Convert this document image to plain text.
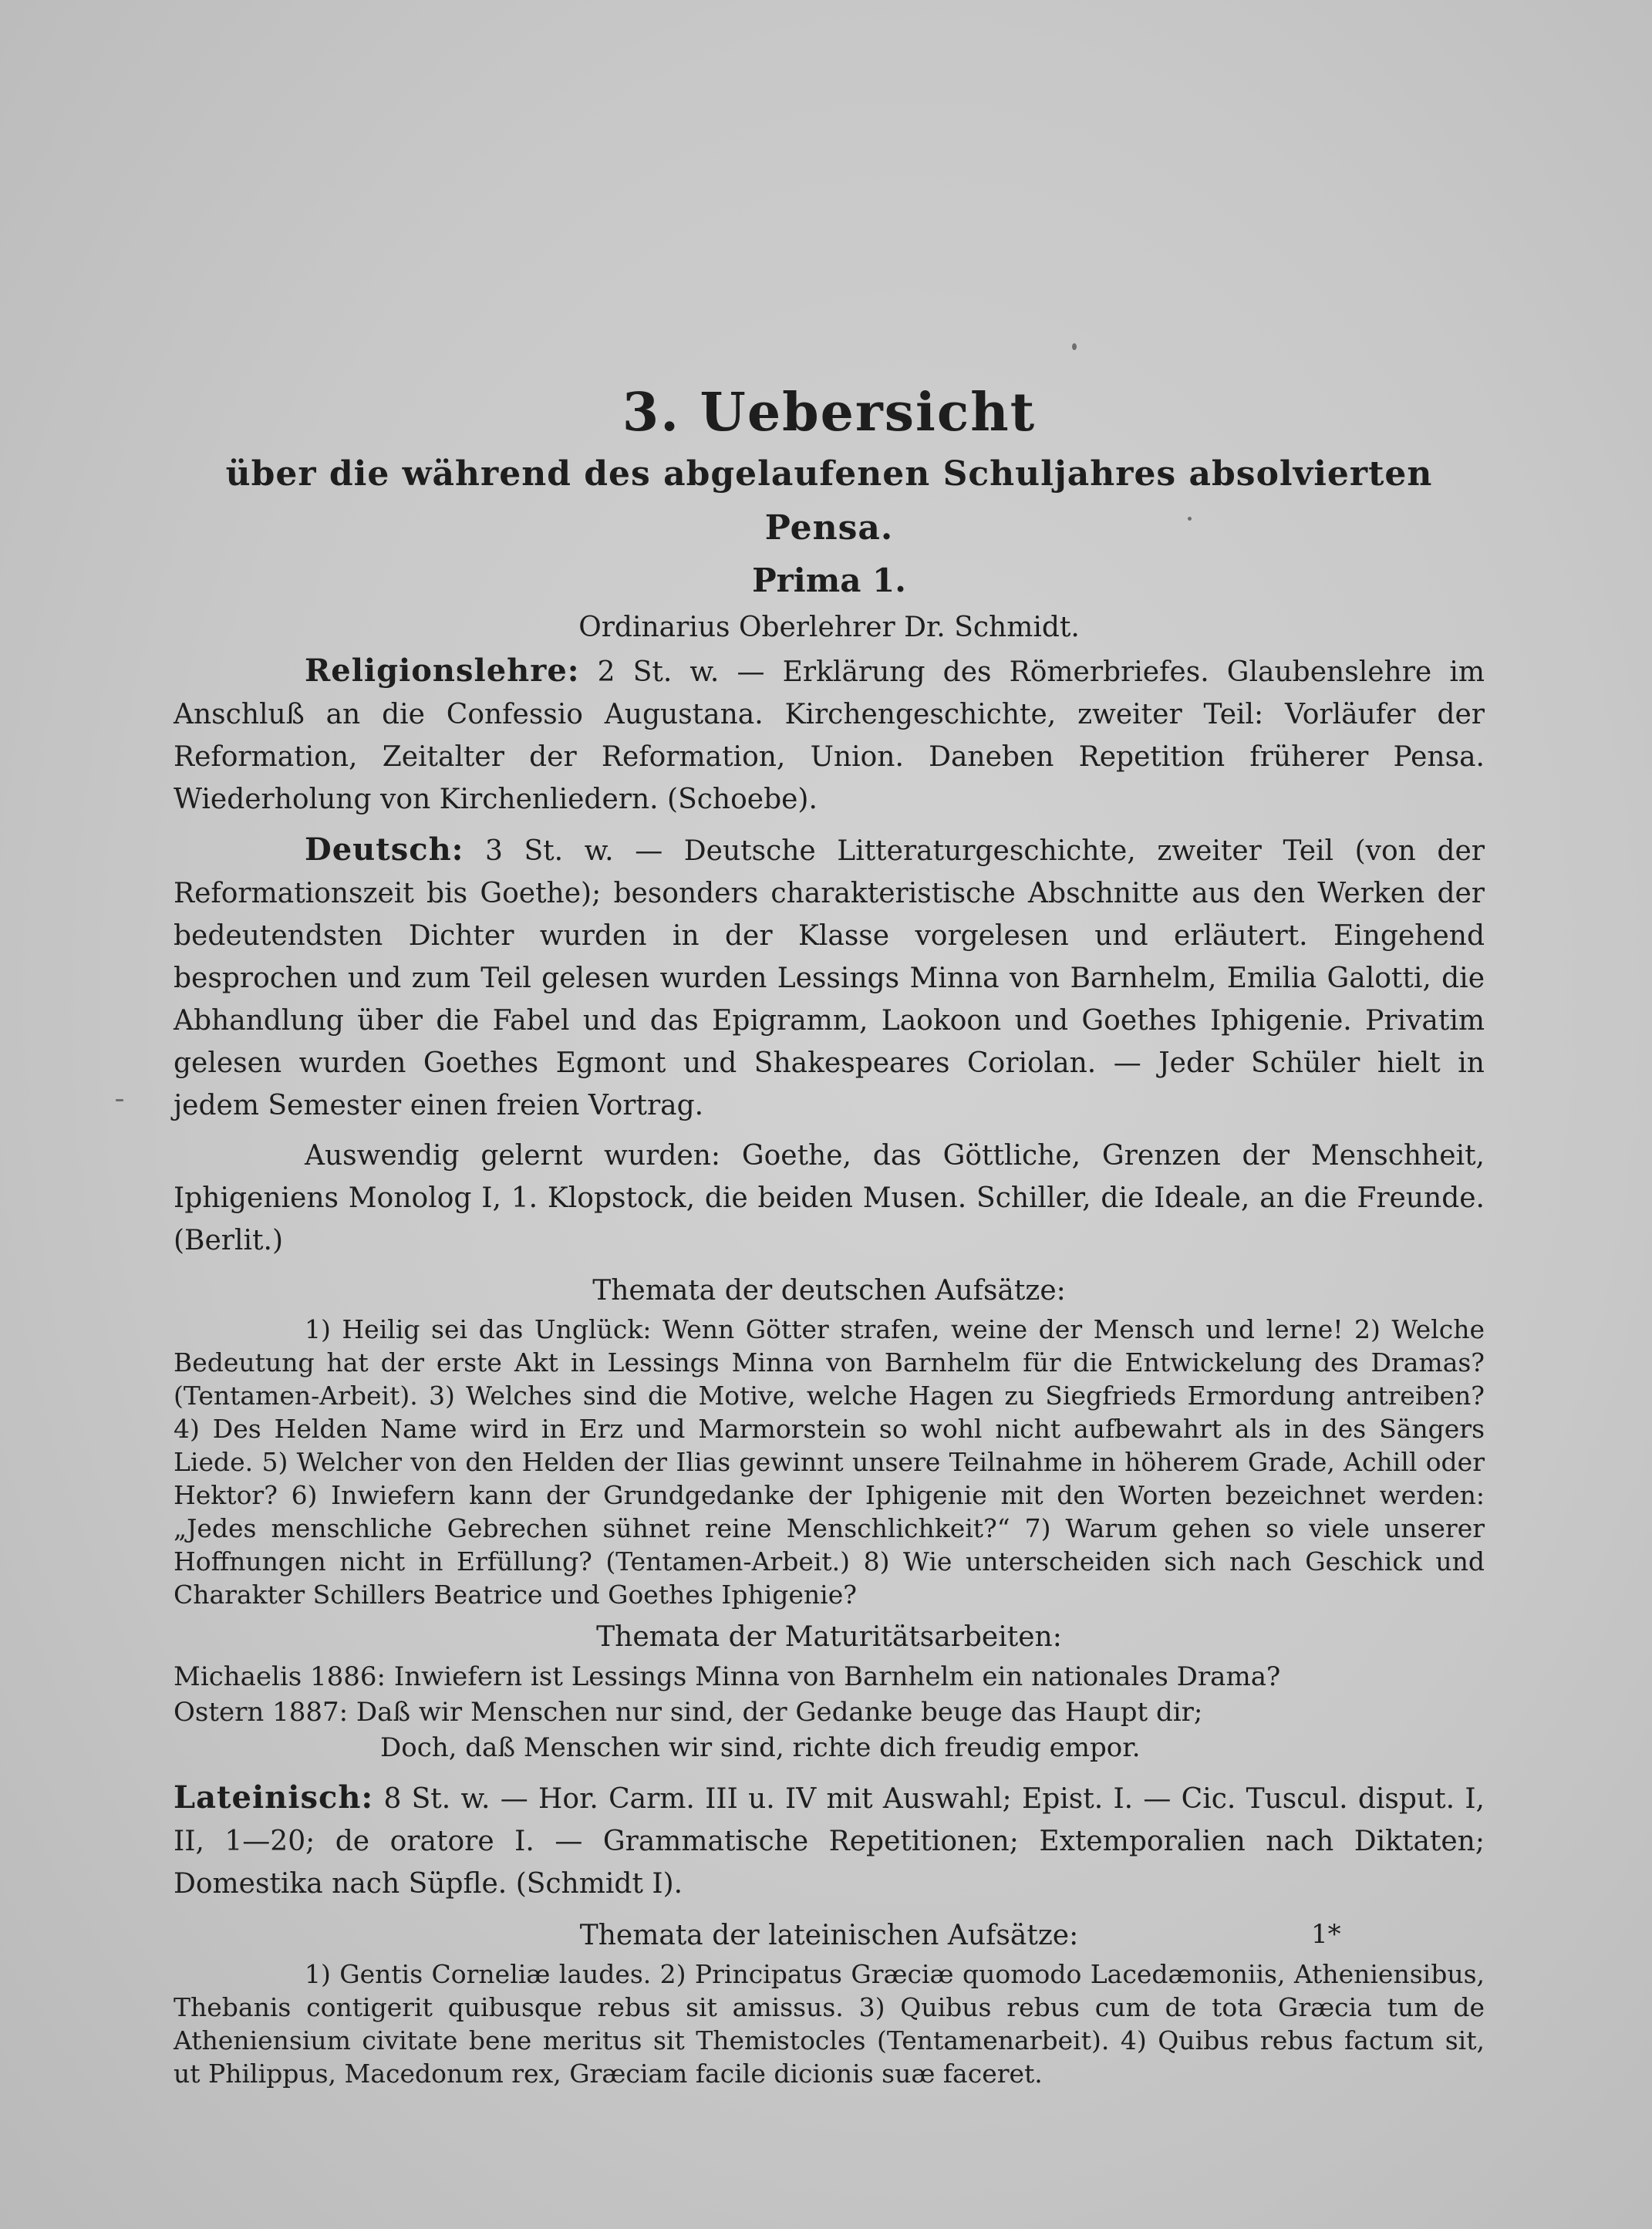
3. Uebersicht
über die während des abgelaufenen Schuljahres absolvierten Pensa.
Prima 1.
Ordinarius Oberlehrer Dr. Schmidt.

Religionslehre: 2 St. w. — Erklärung des Römerbriefes. Glaubenslehre im Anschluß an die Confessio Augustana. Kirchengeschichte, zweiter Teil: Vorläufer der Reformation, Zeitalter der Reformation, Union. Daneben Repetition früherer Pensa. Wiederholung von Kirchenliedern. (Schoebe).

Deutsch: 3 St. w. — Deutsche Litteraturgeschichte, zweiter Teil (von der Reformationszeit bis Goethe); besonders charakteristische Abschnitte aus den Werken der bedeutendsten Dichter wurden in der Klasse vorgelesen und erläutert. Eingehend besprochen und zum Teil gelesen wurden Lessings Minna von Barnhelm, Emilia Galotti, die Abhandlung über die Fabel und das Epigramm, Laokoon und Goethes Iphigenie. Privatim gelesen wurden Goethes Egmont und Shakespeares Coriolan. — Jeder Schüler hielt in jedem Semester einen freien Vortrag.

Auswendig gelernt wurden: Goethe, das Göttliche, Grenzen der Menschheit, Iphigeniens Monolog I, 1. Klopstock, die beiden Musen. Schiller, die Ideale, an die Freunde. (Berlit.)

Themata der deutschen Aufsätze:

1) Heilig sei das Unglück: Wenn Götter strafen, weine der Mensch und lerne! 2) Welche Bedeutung hat der erste Akt in Lessings Minna von Barnhelm für die Entwickelung des Dramas? (Tentamen-Arbeit). 3) Welches sind die Motive, welche Hagen zu Siegfrieds Ermordung antreiben? 4) Des Helden Name wird in Erz und Marmorstein so wohl nicht aufbewahrt als in des Sängers Liede. 5) Welcher von den Helden der Ilias gewinnt unsere Teilnahme in höherem Grade, Achill oder Hektor? 6) Inwiefern kann der Grundgedanke der Iphigenie mit den Worten bezeichnet werden: „Jedes menschliche Gebrechen sühnet reine Menschlichkeit?“ 7) Warum gehen so viele unserer Hoffnungen nicht in Erfüllung? (Tentamen-Arbeit.) 8) Wie unterscheiden sich nach Geschick und Charakter Schillers Beatrice und Goethes Iphigenie?

Themata der Maturitätsarbeiten:
Michaelis 1886: Inwiefern ist Lessings Minna von Barnhelm ein nationales Drama?
Ostern 1887: Daß wir Menschen nur sind, der Gedanke beuge das Haupt dir;
Doch, daß Menschen wir sind, richte dich freudig empor.

Lateinisch: 8 St. w. — Hor. Carm. III u. IV mit Auswahl; Epist. I. — Cic. Tuscul. disput. I, II, 1—20; de oratore I. — Grammatische Repetitionen; Extemporalien nach Diktaten; Domestika nach Süpfle. (Schmidt I).

Themata der lateinischen Aufsätze:

1) Gentis Corneliæ laudes. 2) Principatus Græciæ quomodo Lacedæmoniis, Atheniensibus, Thebanis contigerit quibusque rebus sit amissus. 3) Quibus rebus cum de tota Græcia tum de Atheniensium civitate bene meritus sit Themistocles (Tentamenarbeit). 4) Quibus rebus factum sit, ut Philippus, Macedonum rex, Græciam facile dicionis suæ faceret.

1*
